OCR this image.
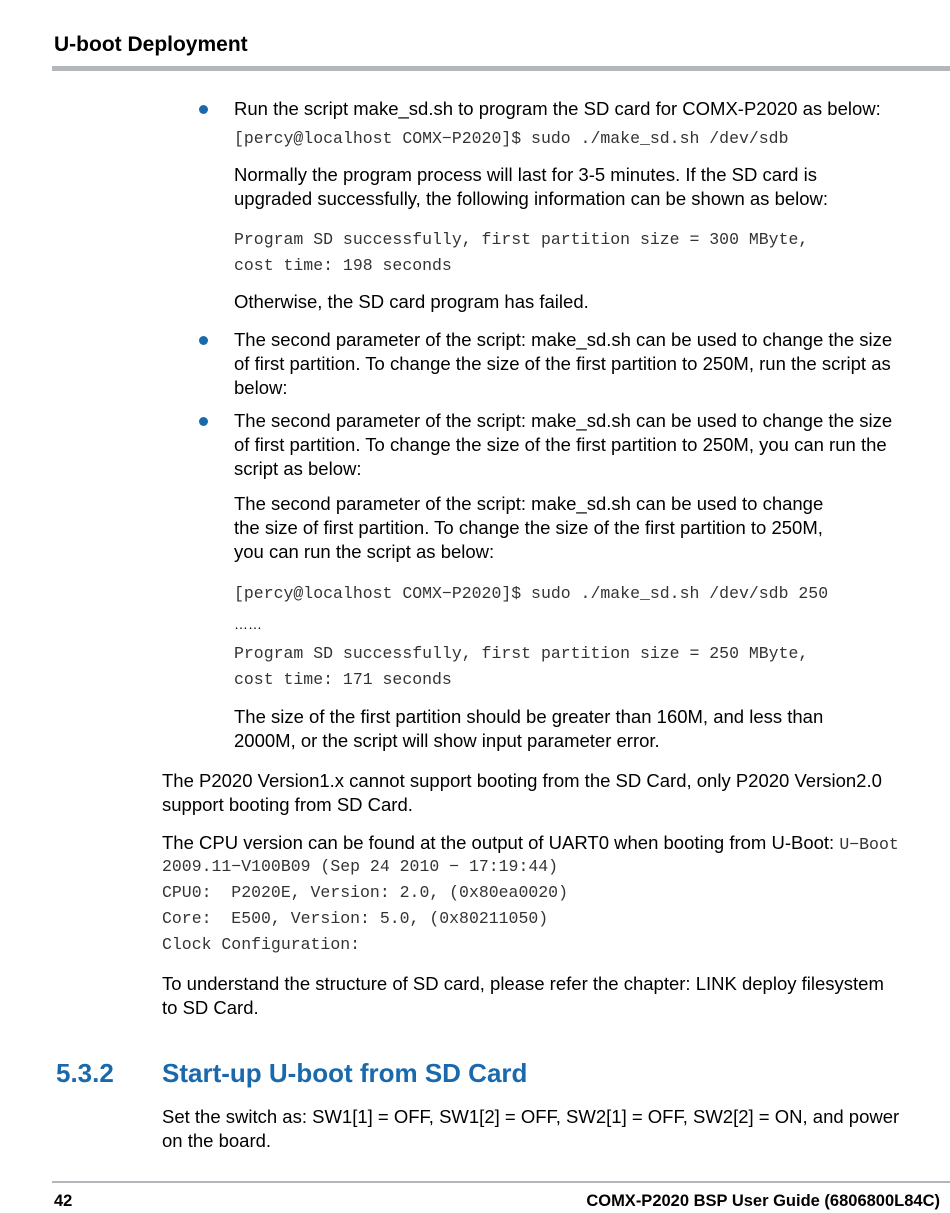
U-boot Deployment

Run the script make_sd.sh to program the SD card for COMX-P2020 as below:

[percy@localhost COMX−P2020]$ sudo ./make_sd.sh /dev/sdb

Normally the program process will last for 3-5 minutes. If the SD card is
upgraded successfully, the following information can be shown as below:

Program SD successfully, first partition size = 300 MByte,
cost time: 198 seconds

Otherwise, the SD card program has failed.

The second parameter of the script: make_sd.sh can be used to change the size
of first partition. To change the size of the first partition to 250M, run the script as
below:

The second parameter of the script: make_sd.sh can be used to change the size
of first partition. To change the size of the first partition to 250M, you can run the
script as below:

The second parameter of the script: make_sd.sh can be used to change
the size of first partition. To change the size of the first partition to 250M,
you can run the script as below:

[percy@localhost COMX−P2020]$ sudo ./make_sd.sh /dev/sdb 250

……

Program SD successfully, first partition size = 250 MByte,
cost time: 171 seconds

The size of the first partition should be greater than 160M, and less than
2000M, or the script will show input parameter error.

The P2020 Version1.x cannot support booting from the SD Card, only P2020 Version2.0
support booting from SD Card.

The CPU version can be found at the output of UART0 when booting from U-Boot: U−Boot

2009.11−V100B09 (Sep 24 2010 − 17:19:44)
CPU0:  P2020E, Version: 2.0, (0x80ea0020)
Core:  E500, Version: 5.0, (0x80211050)
Clock Configuration:

To understand the structure of SD card, please refer the chapter: LINK deploy filesystem
to SD Card.

5.3.2 Start-up U-boot from SD Card

Set the switch as: SW1[1] = OFF, SW1[2] = OFF, SW2[1] = OFF, SW2[2] = ON, and power
on the board.

42	COMX-P2020 BSP User Guide (6806800L84C)
